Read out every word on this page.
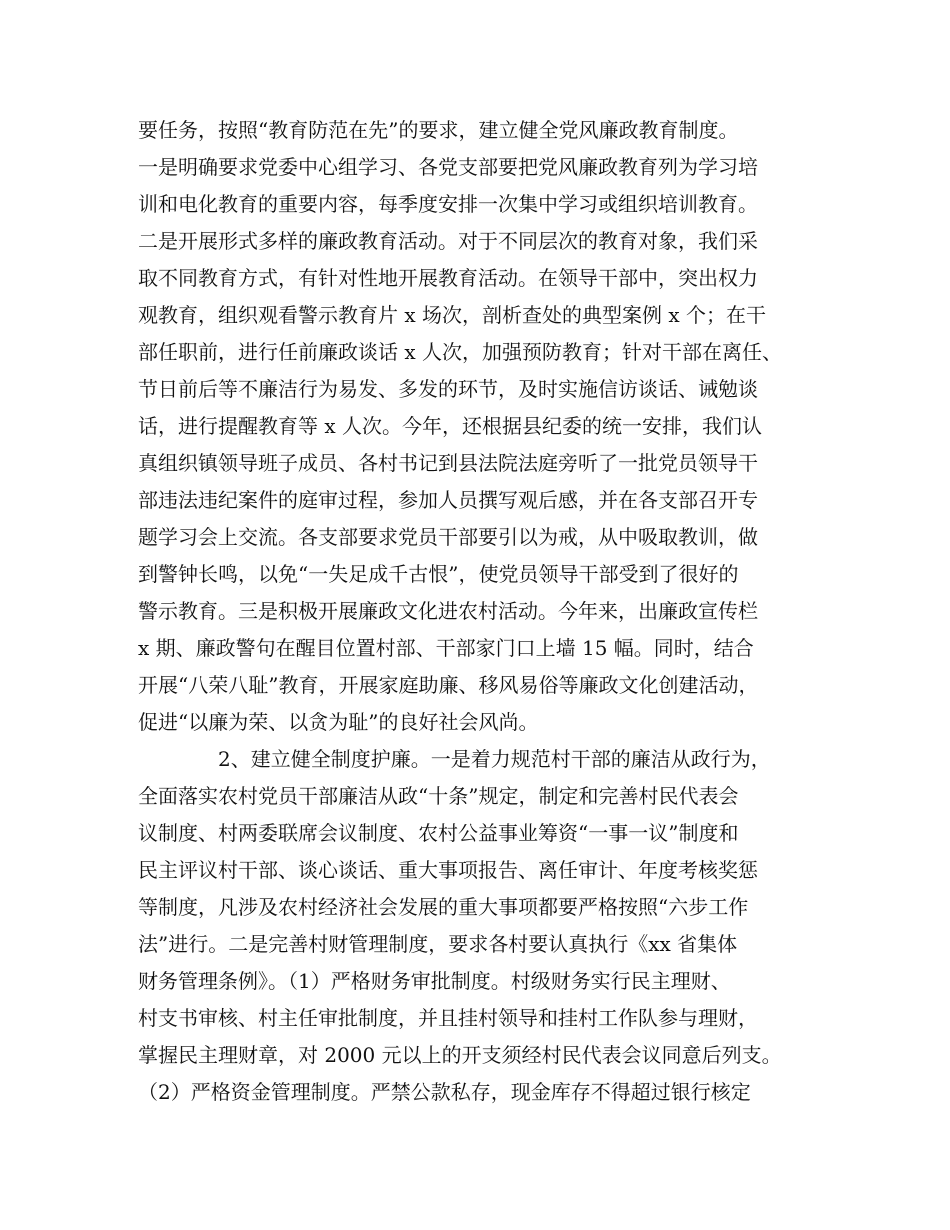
要任务，按照“教育防范在先”的要求，建立健全党风廉政教育制度。
一是明确要求党委中心组学习、各党支部要把党风廉政教育列为学习培
训和电化教育的重要内容，每季度安排一次集中学习或组织培训教育。
二是开展形式多样的廉政教育活动。对于不同层次的教育对象，我们采
取不同教育方式，有针对性地开展教育活动。在领导干部中，突出权力
观教育，组织观看警示教育片 x 场次，剖析查处的典型案例 x 个；在干
部任职前，进行任前廉政谈话 x 人次，加强预防教育；针对干部在离任、
节日前后等不廉洁行为易发、多发的环节，及时实施信访谈话、诫勉谈
话，进行提醒教育等 x 人次。今年，还根据县纪委的统一安排，我们认
真组织镇领导班子成员、各村书记到县法院法庭旁听了一批党员领导干
部违法违纪案件的庭审过程，参加人员撰写观后感，并在各支部召开专
题学习会上交流。各支部要求党员干部要引以为戒，从中吸取教训，做
到警钟长鸣，以免“一失足成千古恨”，使党员领导干部受到了很好的
警示教育。三是积极开展廉政文化进农村活动。今年来，出廉政宣传栏
x 期、廉政警句在醒目位置村部、干部家门口上墙 15 幅。同时，结合
开展“八荣八耻”教育，开展家庭助廉、移风易俗等廉政文化创建活动，
促进“以廉为荣、以贪为耻”的良好社会风尚。
2、建立健全制度护廉。一是着力规范村干部的廉洁从政行为，
全面落实农村党员干部廉洁从政“十条”规定，制定和完善村民代表会
议制度、村两委联席会议制度、农村公益事业筹资“一事一议”制度和
民主评议村干部、谈心谈话、重大事项报告、离任审计、年度考核奖惩
等制度，凡涉及农村经济社会发展的重大事项都要严格按照“六步工作
法”进行。二是完善村财管理制度，要求各村要认真执行《xx 省集体
财务管理条例》。（1）严格财务审批制度。村级财务实行民主理财、
村支书审核、村主任审批制度，并且挂村领导和挂村工作队参与理财，
掌握民主理财章，对 2000 元以上的开支须经村民代表会议同意后列支。
（2）严格资金管理制度。严禁公款私存，现金库存不得超过银行核定
